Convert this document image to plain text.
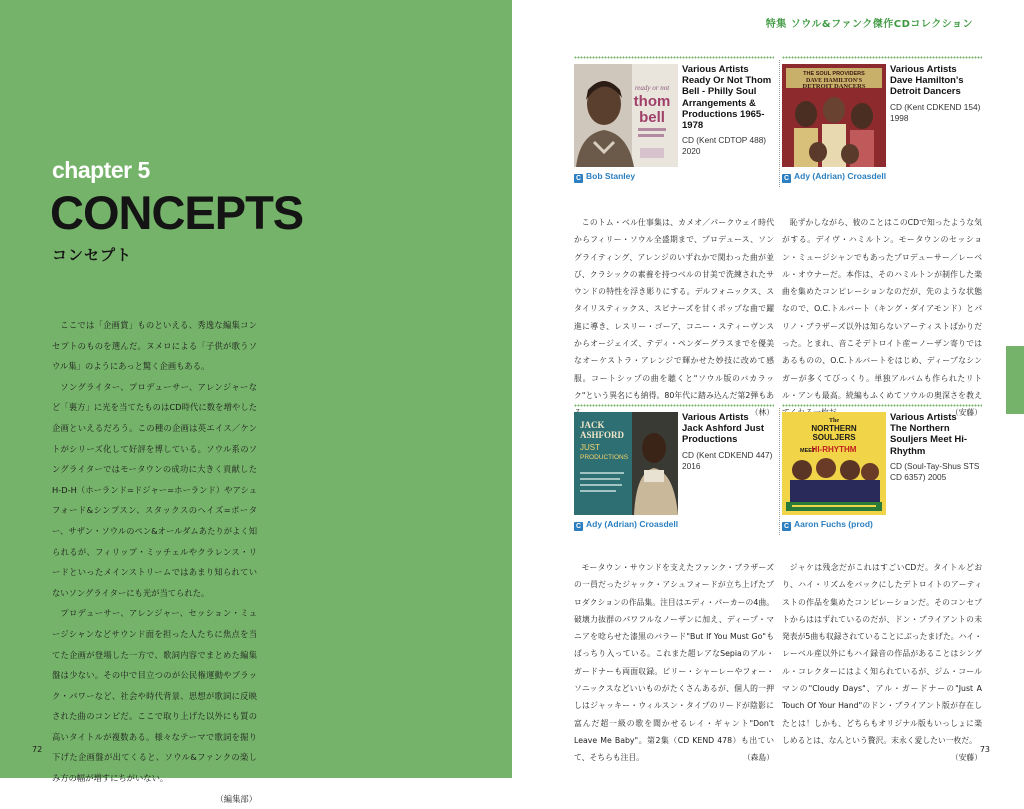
chapter 5
CONCEPTS
コンセプト

ここでは「企画賞」ものといえる、秀逸な編集コンセプトのものを選んだ。ヌメロによる「子供が歌うソウル集」のようにあっと驚く企画もある。

ソングライター、プロデューサー、アレンジャーなど「裏方」に光を当てたものはCD時代に数を増やした企画といえるだろう。この種の企画は英エイス／ケントがシリーズ化して好評を博している。ソウル系のソングライターではモータウンの成功に大きく貢献したH-D-H（ホーランド=ドジャー=ホーランド）やアシュフォード&シンプスン、スタックスのヘイズ=ポーター、サザン・ソウルのペン&オールダムあたりがよく知られるが、フィリップ・ミッチェルやクラレンス・リードといったメインストリームではあまり知られていないソングライターにも光が当てられた。

プロデューサー、アレンジャー、セッション・ミュージシャンなどサウンド面を担った人たちに焦点を当てた企画が登場した一方で、歌詞内容でまとめた編集盤は少ない。その中で目立つのが公民権運動やブラック・パワーなど、社会や時代背景、思想が歌詞に反映された曲のコンピだ。ここで取り上げた以外にも質の高いタイトルが複数ある。様々なテーマで歌詞を掘り下げた企画盤が出てくると、ソウル&ファンクの楽しみ方の幅が増すにちがいない。
（編集部）

72
特集 ソウル&ファンク傑作CDコレクション
73
ready or not
thom
bell
Various Artists
Ready Or Not Thom Bell - Philly Soul Arrangements & Productions 1965-1978
CD (Kent CDTOP 488) 2020
C Bob Stanley
このトム・ベル仕事集は、カメオ／パークウェイ時代からフィリー・ソウル全盛期まで、プロデュース、ソングライティング、アレンジのいずれかで関わった曲が並び、クラシックの素養を持つベルの甘美で洗練されたサウンドの特性を浮き彫りにする。デルフォニックス、スタイリスティックス、スピナーズを甘くポップな曲で躍進に導き、レスリー・ゴーア、コニー・スティーヴンスからオージェイズ、テディ・ペンダーグラスまでを優美なオーケストラ・アレンジで輝かせた妙技に改めて感服。コートシップの曲を聴くと"ソウル版のバカラック"という異名にも納得。80年代に踏み込んだ第2弾もあ
（林）
THE SOUL PROVIDERS
DAVE HAMILTON'S
DETROIT DANCERS
Various Artists
Dave Hamilton's Detroit Dancers
CD (Kent CDKEND 154) 1998
C Ady (Adrian) Croasdell
恥ずかしながら、彼のことはこのCDで知ったような気がする。デイヴ・ハミルトン。モータウンのセッション・ミュージシャンでもあったプロデューサー／レーベル・オウナーだ。本作は、そのハミルトンが制作した楽曲を集めたコンピレーションなのだが、先のような状態なので、O.C.トルバート（キング・ダイアモンド）とパリノ・ブラザーズ以外は知らないアーティストばかりだった。とまれ、音こそデトロイト産＝ノーザン寄りではあるものの、O.C.トルバートをはじめ、ディープなシンガーが多くてびっくり。単独アルバムも作られたリトル・アンも最高。続編もふくめてソウルの奥深さを教え
（安藤）
JACK
ASHFORD
JUST
PRODUCTIONS
Various Artists
Jack Ashford Just Productions
CD (Kent CDKEND 447) 2016
C Ady (Adrian) Croasdell
モータウン・サウンドを支えたファンク・ブラザーズの一員だったジャック・アシュフォードが立ち上げたプロダクションの作品集。注目はエディ・パーカーの4曲。破壊力抜群のパワフルなノーザンに加え、ディープ・マニアを唸らせた漆黒のバラード"But If You Must Go"もばっちり入っている。これまた超レアなSepiaのアル・ガードナーも両面収録。ビリー・シャーレーやフォー・ソニックスなどいいものがたくさんあるが、個人的一押しはジャッキー・ウィルスン・タイプのリードが陰影に富んだ超一級の歌を聞かせるレイ・ギャント"Don't Leave Me Baby"。第2集（CD KEND 478）も出ていて、そちらも注目。	（森島）
The
NORTHERN
SOULJERS
MEET
HI-RHYTHM
Various Artists
The Northern Souljers Meet Hi-Rhythm
CD (Soul-Tay-Shus STS CD 6357) 2005
C Aaron Fuchs (prod)
ジャケは残念だがこれはすごいCDだ。タイトルどおり、ハイ・リズムをバックにしたデトロイトのアーティストの作品を集めたコンピレーションだ。そのコンセプトからははずれているのだが、ドン・ブライアントの未発表が5曲も収録されていることにぶったまげた。ハイ・レーベル産以外にもハイ録音の作品があることはシングル・コレクターにはよく知られているが、ジム・コールマンの"Cloudy Days"、アル・ガードナーの"Just A Touch Of Your Hand"のドン・ブライアント版が存在したとは！しかも、どちらもオリジナル版もいっしょに楽しめるとは、なんという贅沢。末永く愛したい一枚だ。
（安藤）
